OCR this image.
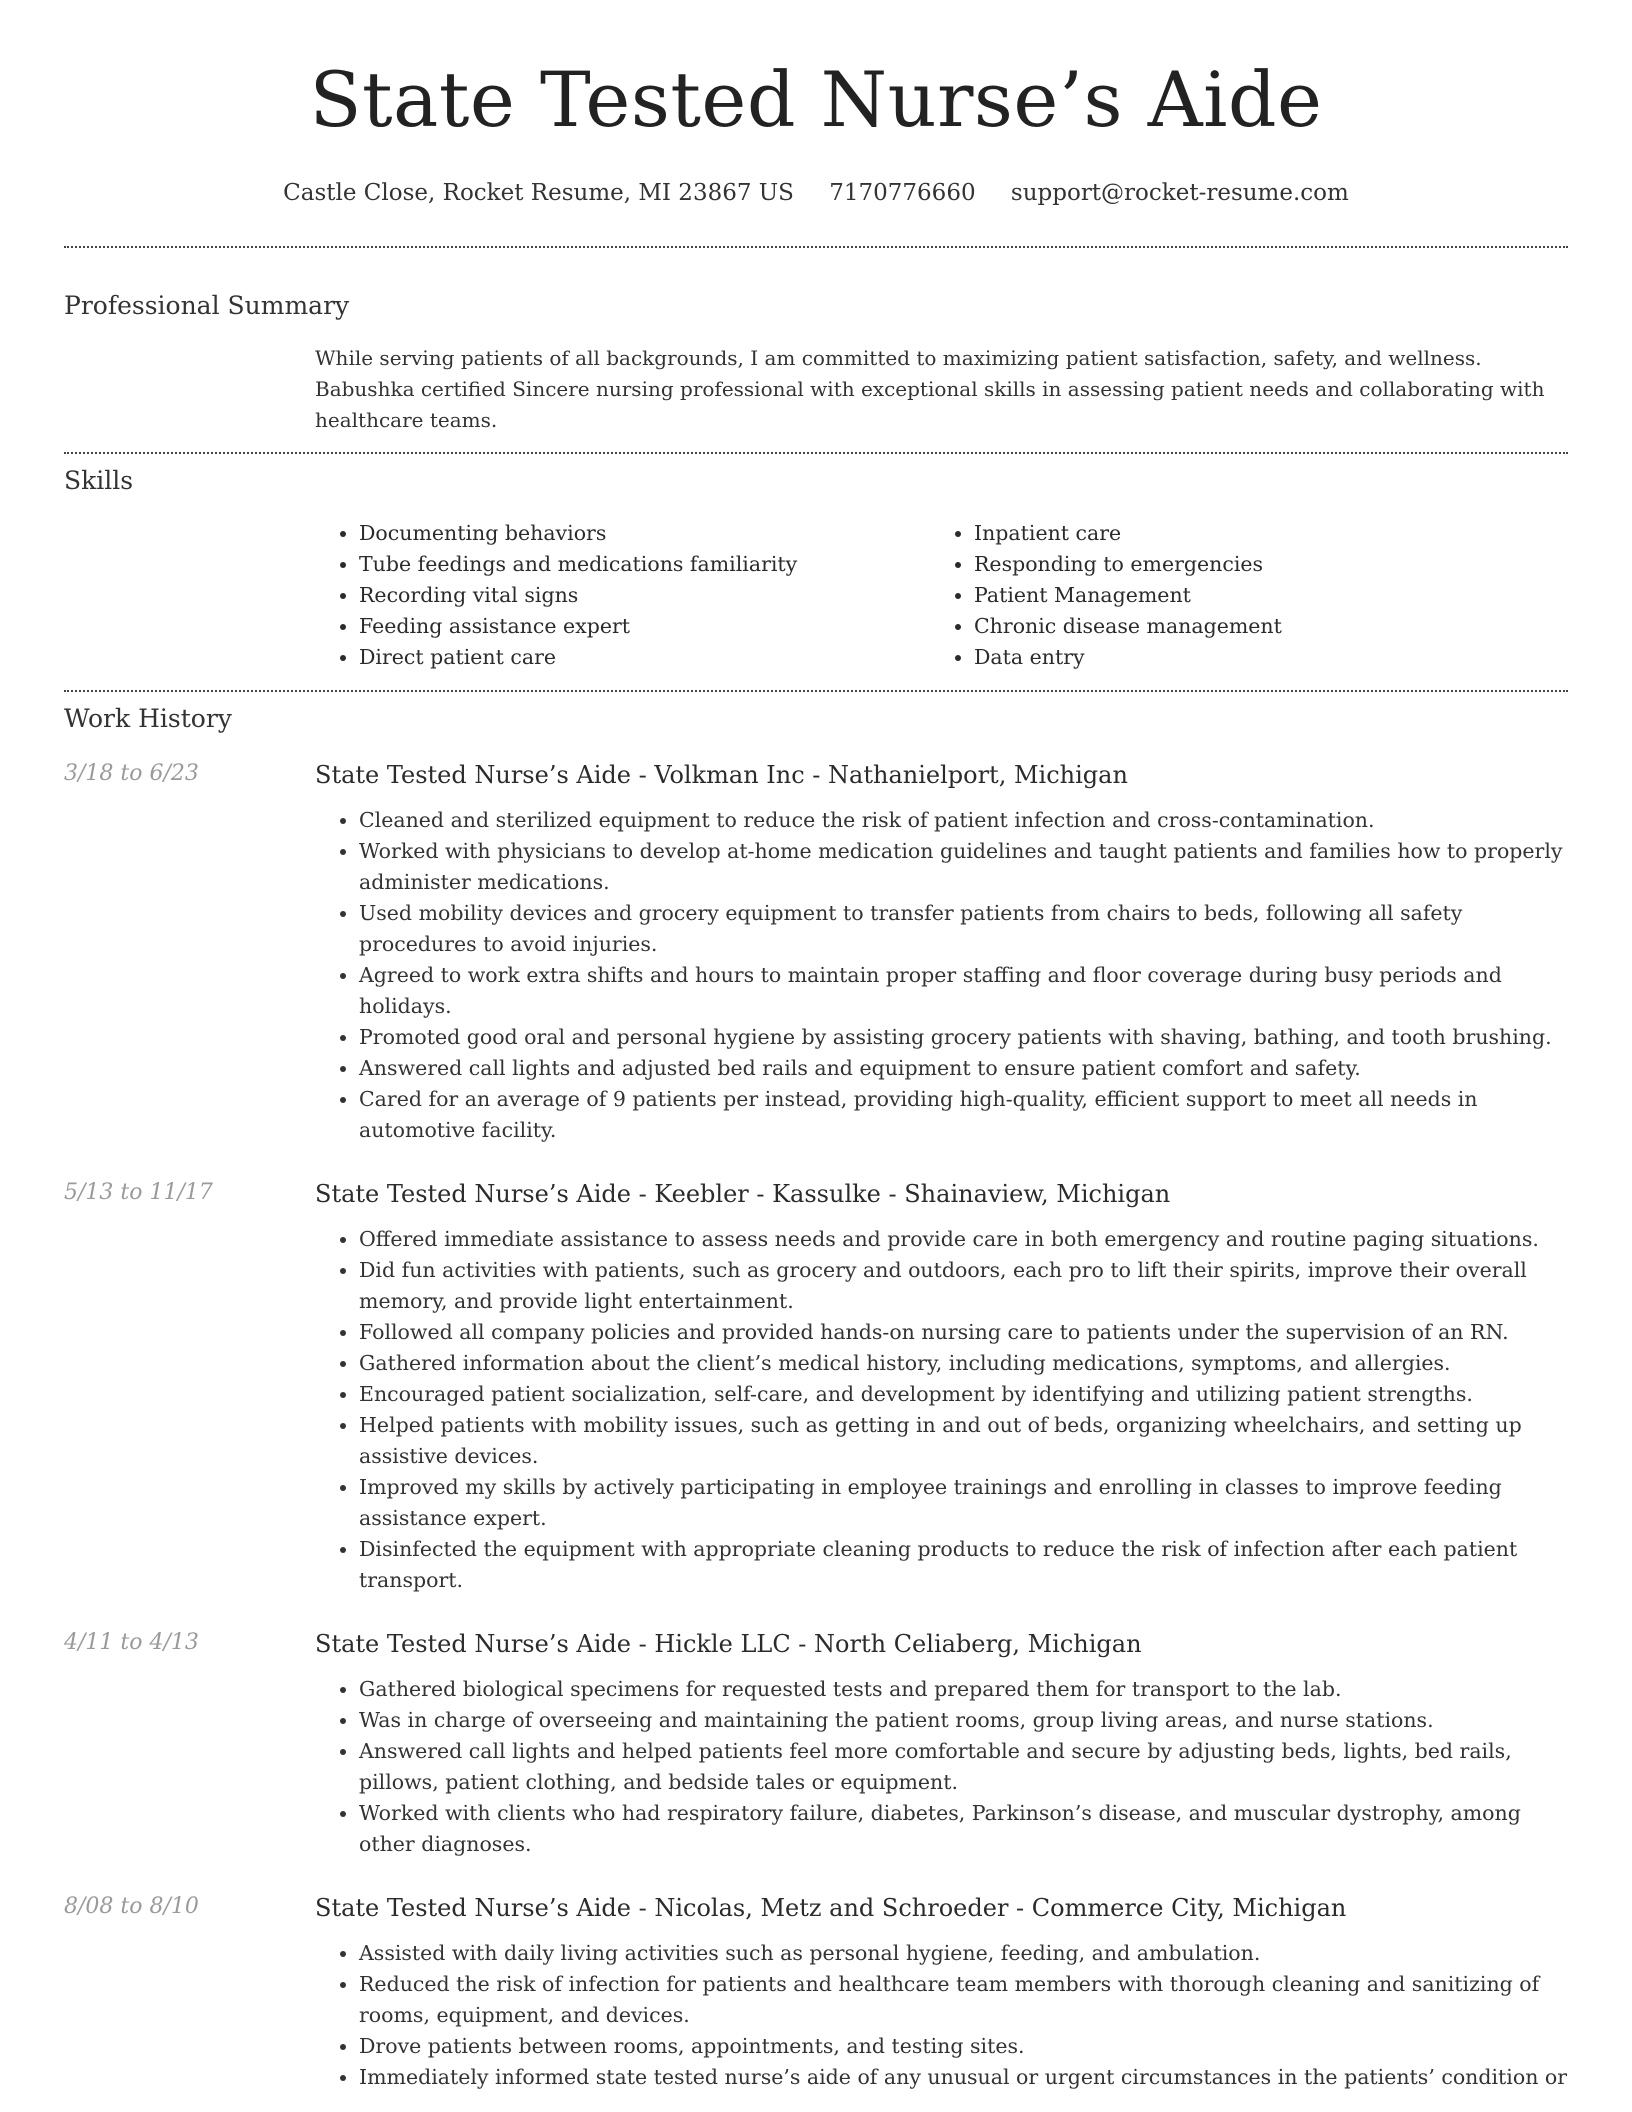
State Tested Nurse’s Aide
Castle Close, Rocket Resume, MI 23867 US 7170776660 support@rocket-resume.com
Professional Summary

While serving patients of all backgrounds, I am committed to maximizing patient satisfaction, safety, and wellness. Babushka certified Sincere nursing professional with exceptional skills in assessing patient needs and collaborating with healthcare teams.

Skills
• Documenting behaviors
• Tube feedings and medications familiarity
• Recording vital signs
• Feeding assistance expert
• Direct patient care
• Inpatient care
• Responding to emergencies
• Patient Management
• Chronic disease management
• Data entry
Work History
3/18 to 6/23	State Tested Nurse’s Aide - Volkman Inc - Nathanielport, Michigan
• Cleaned and sterilized equipment to reduce the risk of patient infection and cross-contamination.
• Worked with physicians to develop at-home medication guidelines and taught patients and families how to properly administer medications.
• Used mobility devices and grocery equipment to transfer patients from chairs to beds, following all safety procedures to avoid injuries.
• Agreed to work extra shifts and hours to maintain proper staffing and floor coverage during busy periods and holidays.
• Promoted good oral and personal hygiene by assisting grocery patients with shaving, bathing, and tooth brushing.
• Answered call lights and adjusted bed rails and equipment to ensure patient comfort and safety.
• Cared for an average of 9 patients per instead, providing high-quality, efficient support to meet all needs in automotive facility.
5/13 to 11/17	State Tested Nurse’s Aide - Keebler - Kassulke - Shainaview, Michigan
• Offered immediate assistance to assess needs and provide care in both emergency and routine paging situations.
• Did fun activities with patients, such as grocery and outdoors, each pro to lift their spirits, improve their overall memory, and provide light entertainment.
• Followed all company policies and provided hands-on nursing care to patients under the supervision of an RN.
• Gathered information about the client’s medical history, including medications, symptoms, and allergies.
• Encouraged patient socialization, self-care, and development by identifying and utilizing patient strengths.
• Helped patients with mobility issues, such as getting in and out of beds, organizing wheelchairs, and setting up assistive devices.
• Improved my skills by actively participating in employee trainings and enrolling in classes to improve feeding assistance expert.
• Disinfected the equipment with appropriate cleaning products to reduce the risk of infection after each patient transport.
4/11 to 4/13	State Tested Nurse’s Aide - Hickle LLC - North Celiaberg, Michigan
• Gathered biological specimens for requested tests and prepared them for transport to the lab.
• Was in charge of overseeing and maintaining the patient rooms, group living areas, and nurse stations.
• Answered call lights and helped patients feel more comfortable and secure by adjusting beds, lights, bed rails, pillows, patient clothing, and bedside tales or equipment.
• Worked with clients who had respiratory failure, diabetes, Parkinson’s disease, and muscular dystrophy, among other diagnoses.
8/08 to 8/10	State Tested Nurse’s Aide - Nicolas, Metz and Schroeder - Commerce City, Michigan
• Assisted with daily living activities such as personal hygiene, feeding, and ambulation.
• Reduced the risk of infection for patients and healthcare team members with thorough cleaning and sanitizing of rooms, equipment, and devices.
• Drove patients between rooms, appointments, and testing sites.
• Immediately informed state tested nurse’s aide of any unusual or urgent circumstances in the patients’ condition or
